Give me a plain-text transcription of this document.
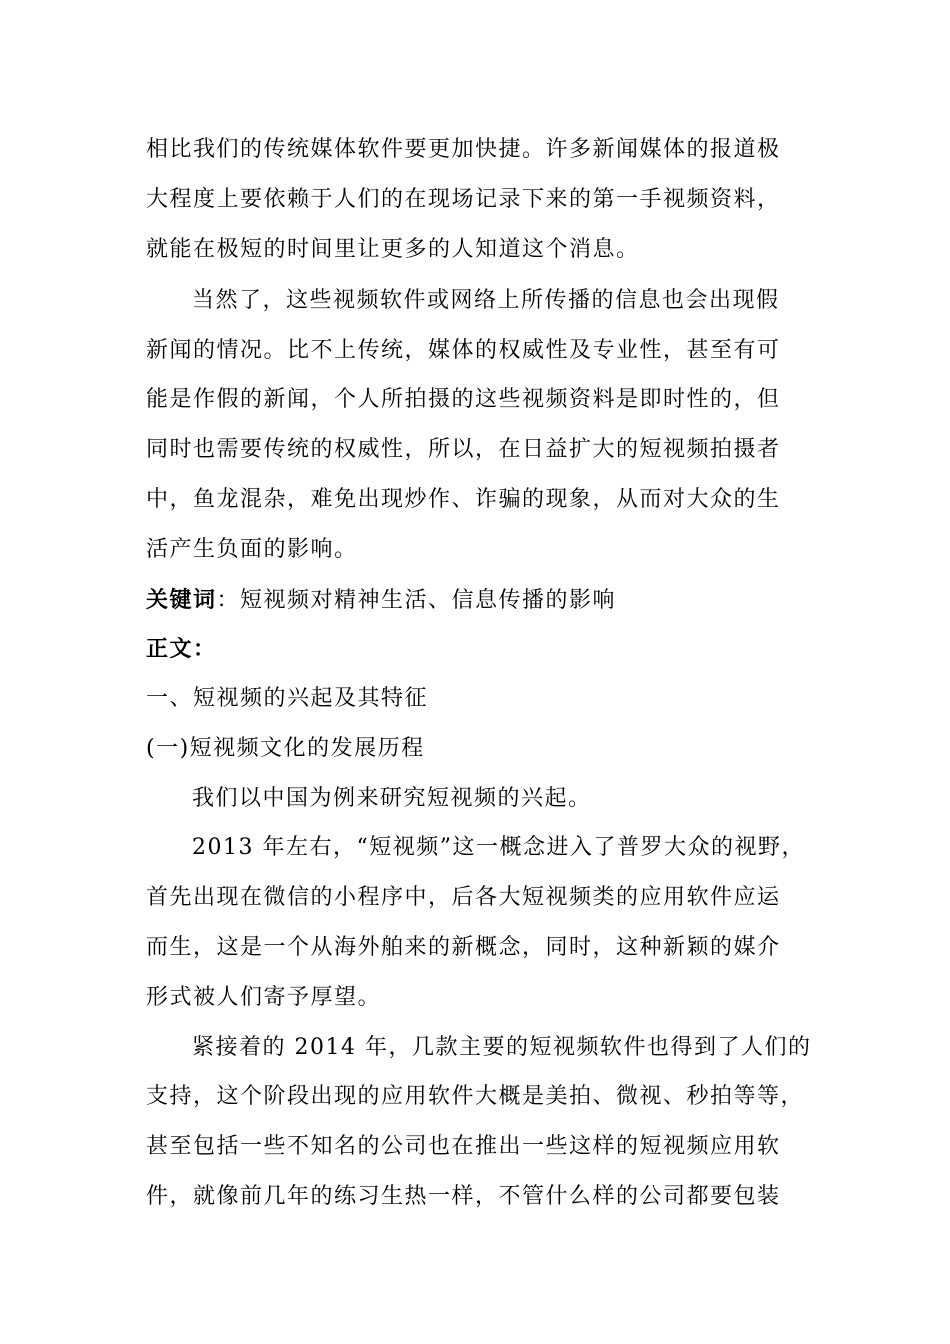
相比我们的传统媒体软件要更加快捷。许多新闻媒体的报道极
大程度上要依赖于人们的在现场记录下来的第一手视频资料，
就能在极短的时间里让更多的人知道这个消息。
当然了，这些视频软件或网络上所传播的信息也会出现假
新闻的情况。比不上传统，媒体的权威性及专业性，甚至有可
能是作假的新闻，个人所拍摄的这些视频资料是即时性的，但
同时也需要传统的权威性，所以，在日益扩大的短视频拍摄者
中，鱼龙混杂，难免出现炒作、诈骗的现象，从而对大众的生
活产生负面的影响。
关键词：短视频对精神生活、信息传播的影响
正文：
一、短视频的兴起及其特征
(一)短视频文化的发展历程
我们以中国为例来研究短视频的兴起。
2013 年左右，“短视频”这一概念进入了普罗大众的视野，
首先出现在微信的小程序中，后各大短视频类的应用软件应运
而生，这是一个从海外舶来的新概念，同时，这种新颖的媒介
形式被人们寄予厚望。
紧接着的 2014 年，几款主要的短视频软件也得到了人们的
支持，这个阶段出现的应用软件大概是美拍、微视、秒拍等等，
甚至包括一些不知名的公司也在推出一些这样的短视频应用软
件，就像前几年的练习生热一样，不管什么样的公司都要包装
